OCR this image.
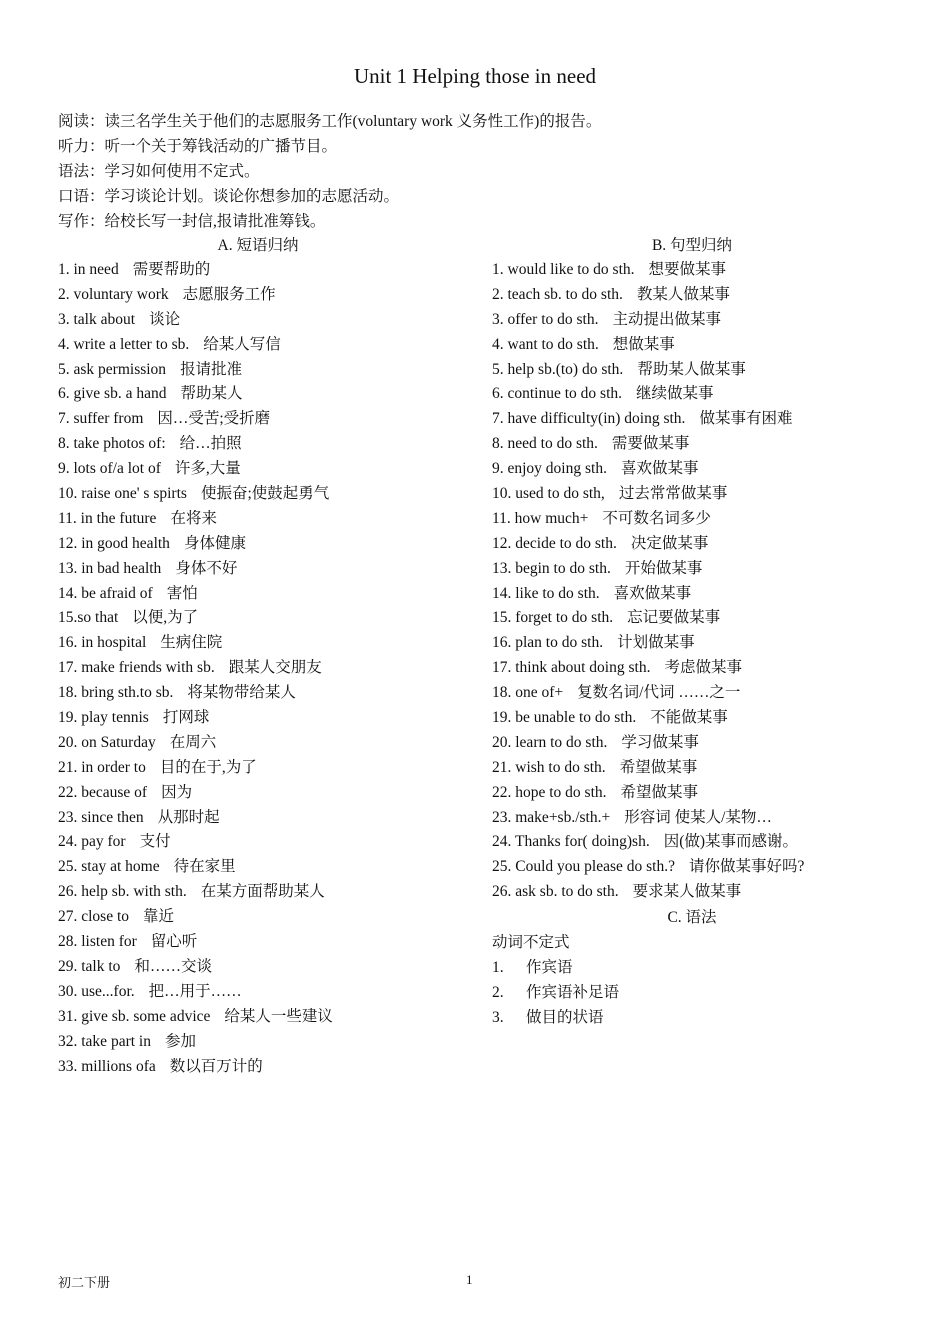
Unit 1 Helping those in need
阅读：读三名学生关于他们的志愿服务工作(voluntary work 义务性工作)的报告。
听力：听一个关于筹钱活动的广播节目。
语法：学习如何使用不定式。
口语：学习谈论计划。谈论你想参加的志愿活动。
写作：给校长写一封信,报请批准筹钱。
A. 短语归纳
1. in need 需要帮助的
2. voluntary work 志愿服务工作
3. talk about 谈论
4. write a letter to sb. 给某人写信
5. ask permission 报请批准
6. give sb. a hand 帮助某人
7. suffer from 因…受苦;受折磨
8. take photos of: 给…拍照
9. lots of/a lot of 许多,大量
10. raise one' s spirts 使振奋;使鼓起勇气
11. in the future 在将来
12. in good health 身体健康
13. in bad health 身体不好
14. be afraid of 害怕
15.so that 以便,为了
16. in hospital 生病住院
17. make friends with sb. 跟某人交朋友
18. bring sth.to sb. 将某物带给某人
19. play tennis 打网球
20. on Saturday 在周六
21. in order to 目的在于,为了
22. because of 因为
23. since then 从那时起
24. pay for 支付
25. stay at home 待在家里
26. help sb. with sth. 在某方面帮助某人
27. close to 靠近
28. listen for 留心听
29. talk to 和……交谈
30. use...for. 把…用于……
31. give sb. some advice 给某人一些建议
32. take part in 参加
33. millions ofa 数以百万计的
B. 句型归纳
1. would like to do sth. 想要做某事
2. teach sb. to do sth. 教某人做某事
3. offer to do sth. 主动提出做某事
4. want to do sth. 想做某事
5. help sb.(to) do sth. 帮助某人做某事
6. continue to do sth. 继续做某事
7. have difficulty(in) doing sth. 做某事有困难
8. need to do sth. 需要做某事
9. enjoy doing sth. 喜欢做某事
10. used to do sth, 过去常常做某事
11. how much+ 不可数名词多少
12. decide to do sth. 决定做某事
13. begin to do sth. 开始做某事
14. like to do sth. 喜欢做某事
15. forget to do sth. 忘记要做某事
16. plan to do sth. 计划做某事
17. think about doing sth. 考虑做某事
18. one of+ 复数名词/代词 ……之一
19. be unable to do sth. 不能做某事
20. learn to do sth. 学习做某事
21. wish to do sth. 希望做某事
22. hope to do sth. 希望做某事
23. make+sb./sth.+ 形容词 使某人/某物…
24. Thanks for( doing)sh. 因(做)某事而感谢。
25. Could you please do sth.? 请你做某事好吗?
26. ask sb. to do sth. 要求某人做某事
C. 语法
动词不定式
1. 作宾语
2. 作宾语补足语
3. 做目的状语
初二下册	1
